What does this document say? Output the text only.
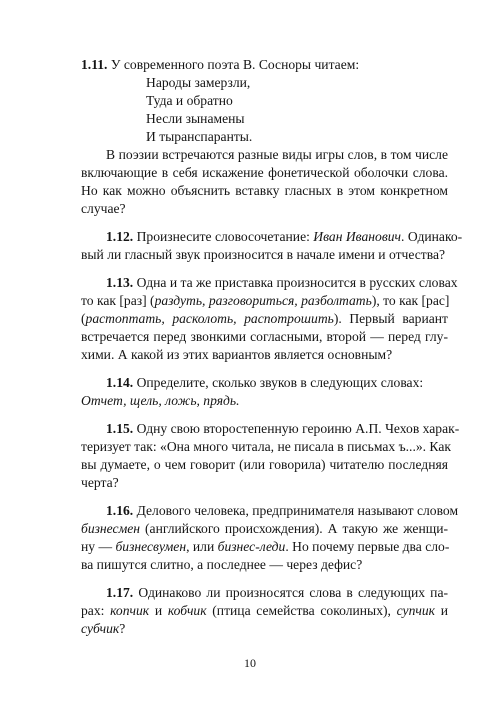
1.11. У современного поэта В. Сосноры читаем:
Народы замерзли,
Туда и обратно
Несли зынамены
И тыранспаранты.
В поэзии встречаются разные виды игры слов, в том числе
включающие в себя искажение фонетической оболочки слова.
Но как можно объяснить вставку гласных в этом конкретном
случае?
1.12. Произнесите словосочетание: Иван Иванович. Одинако-
вый ли гласный звук произносится в начале имени и отчества?
1.13. Одна и та же приставка произносится в русских словах
то как [раз] (раздуть, разговориться, разболтать), то как [рас]
(растоптать, расколоть, распотрошить). Первый вариант
встречается перед звонкими согласными, второй — перед глу-
хими. А какой из этих вариантов является основным?
1.14. Определите, сколько звуков в следующих словах:
Отчет, щель, ложь, прядь.
1.15. Одну свою второстепенную героиню А.П. Чехов харак-
теризует так: «Она много читала, не писала в письмах ъ...». Как
вы думаете, о чем говорит (или говорила) читателю последняя
черта?
1.16. Делового человека, предпринимателя называют словом
бизнесмен (английского происхождения). А такую же женщи-
ну — бизнесвумен, или бизнес-леди. Но почему первые два сло-
ва пишутся слитно, а последнее — через дефис?
1.17. Одинаково ли произносятся слова в следующих па-
рах: копчик и кобчик (птица семейства соколиных), супчик и
субчик?
10
